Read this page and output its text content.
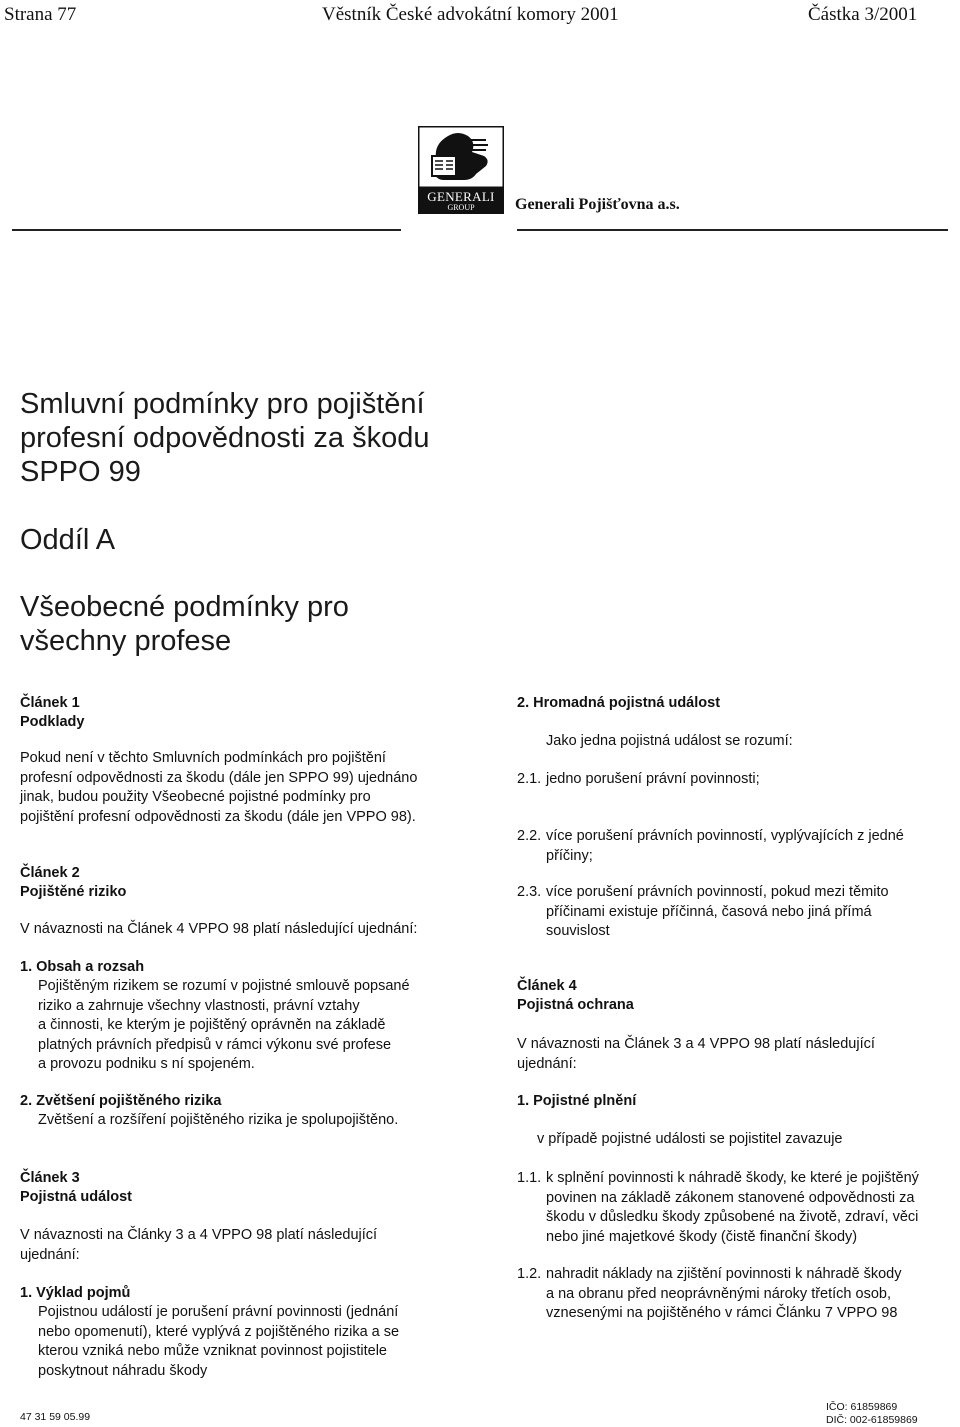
Strana 77	Věstník České advokátní komory 2001	Částka 3/2001
GENERALI
GROUP	Generali Pojišťovna a.s.
Smluvní podmínky pro pojištění
profesní odpovědnosti za škodu
SPPO 99
Oddíl A
Všeobecné podmínky pro
všechny profese
Článek 1
Podklady
Pokud není v těchto Smluvních podmínkách pro pojištění
profesní odpovědnosti za škodu (dále jen SPPO 99) ujednáno
jinak, budou použity Všeobecné pojistné podmínky pro
pojištění profesní odpovědnosti za škodu (dále jen VPPO 98).
Článek 2
Pojištěné riziko
V návaznosti na Článek 4 VPPO 98 platí následující ujednání:
1. Obsah a rozsah
Pojištěným rizikem se rozumí v pojistné smlouvě popsané
riziko a zahrnuje všechny vlastnosti, právní vztahy
a činnosti, ke kterým je pojištěný oprávněn na základě
platných právních předpisů v rámci výkonu své profese
a provozu podniku s ní spojeném.
2. Zvětšení pojištěného rizika
Zvětšení a rozšíření pojištěného rizika je spolupojištěno.
Článek 3
Pojistná událost
V návaznosti na Články 3 a 4 VPPO 98 platí následující
ujednání:
1. Výklad pojmů
Pojistnou událostí je porušení právní povinnosti (jednání
nebo opomenutí), které vyplývá z pojištěného rizika a se
kterou vzniká nebo může vzniknat povinnost pojistitele
poskytnout náhradu škody
2. Hromadná pojistná událost
Jako jedna pojistná událost se rozumí:
2.1. jedno porušení právní povinnosti;
2.2. více porušení právních povinností, vyplývajících z jedné
příčiny;
2.3. více porušení právních povinností, pokud mezi těmito
příčinami existuje příčinná, časová nebo jiná přímá
souvislost
Článek 4
Pojistná ochrana
V návaznosti na Článek 3 a 4 VPPO 98 platí následující
ujednání:
1. Pojistné plnění
v případě pojistné události se pojistitel zavazuje
1.1. k splnění povinnosti k náhradě škody, ke které je pojištěný
povinen na základě zákonem stanovené odpovědnosti za
škodu v důsledku škody způsobené na životě, zdraví, věci
nebo jiné majetkové škody (čistě finanční škody)
1.2. nahradit náklady na zjištění povinnosti k náhradě škody
a na obranu před neoprávněnými nároky třetích osob,
vznesenými na pojištěného v rámci Článku 7 VPPO 98
47 31 59 05.99
IČO: 61859869
DIČ: 002-61859869
